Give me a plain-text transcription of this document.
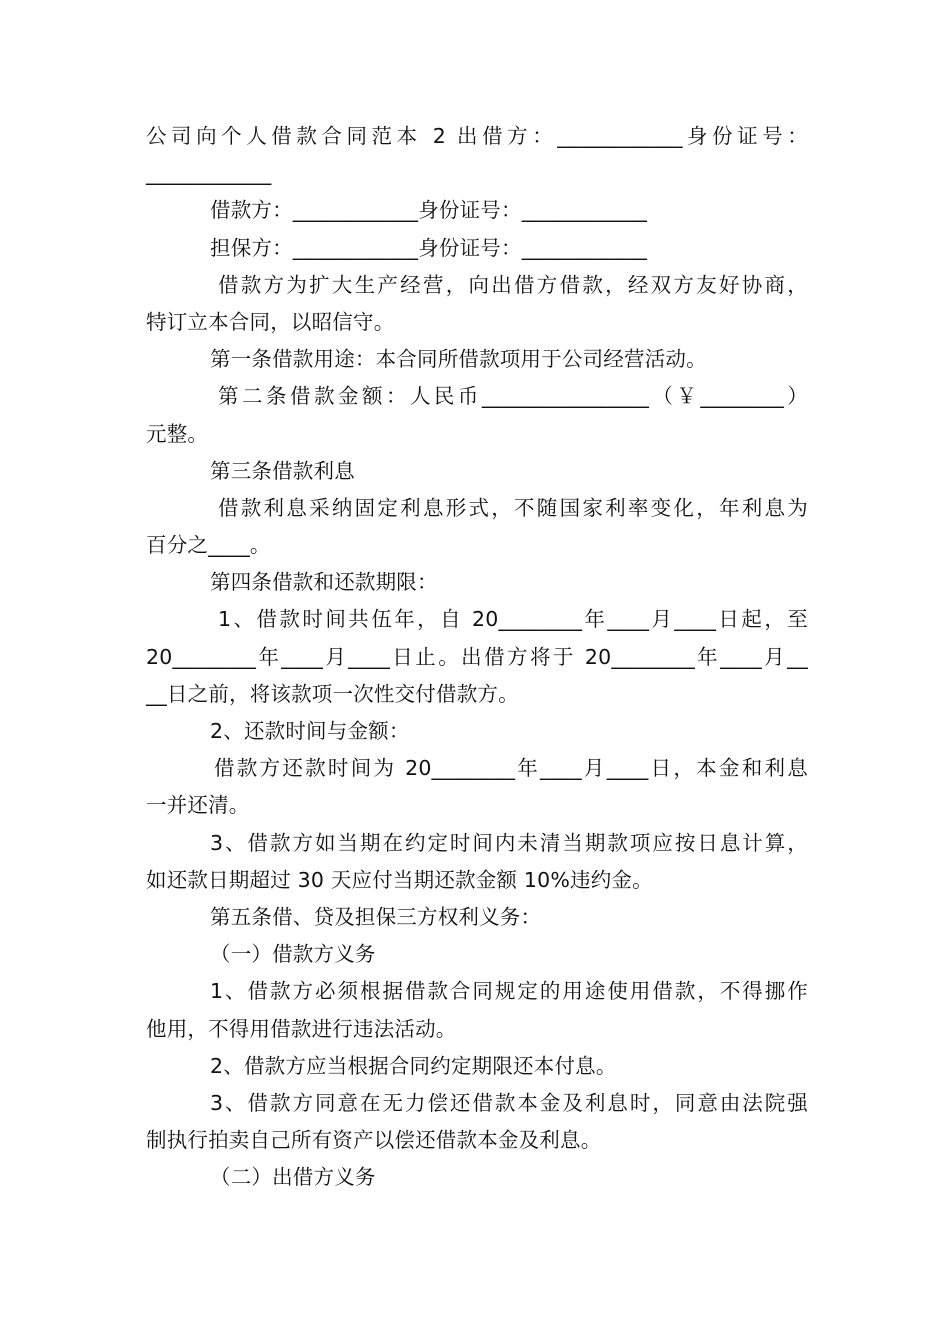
公司向个人借款合同范本 2 出借方：____________身份证号：
____________
借款方：____________身份证号：____________
担保方：____________身份证号：____________
借款方为扩大生产经营，向出借方借款，经双方友好协商，
特订立本合同，以昭信守。
第一条借款用途：本合同所借款项用于公司经营活动。
第二条借款金额：人民币________________（￥________）
元整。
第三条借款利息
借款利息采纳固定利息形式，不随国家利率变化，年利息为
百分之____。
第四条借款和还款期限：
1、借款时间共伍年，自 20________年____月____日起，至
20________年____月____日止。出借方将于 20________年____月__
__日之前，将该款项一次性交付借款方。
2、还款时间与金额：
借款方还款时间为 20________年____月____日，本金和利息
一并还清。
3、借款方如当期在约定时间内未清当期款项应按日息计算，
如还款日期超过 30 天应付当期还款金额 10%违约金。
第五条借、贷及担保三方权利义务：
（一）借款方义务
1、借款方必须根据借款合同规定的用途使用借款，不得挪作
他用，不得用借款进行违法活动。
2、借款方应当根据合同约定期限还本付息。
3、借款方同意在无力偿还借款本金及利息时，同意由法院强
制执行拍卖自己所有资产以偿还借款本金及利息。
（二）出借方义务
